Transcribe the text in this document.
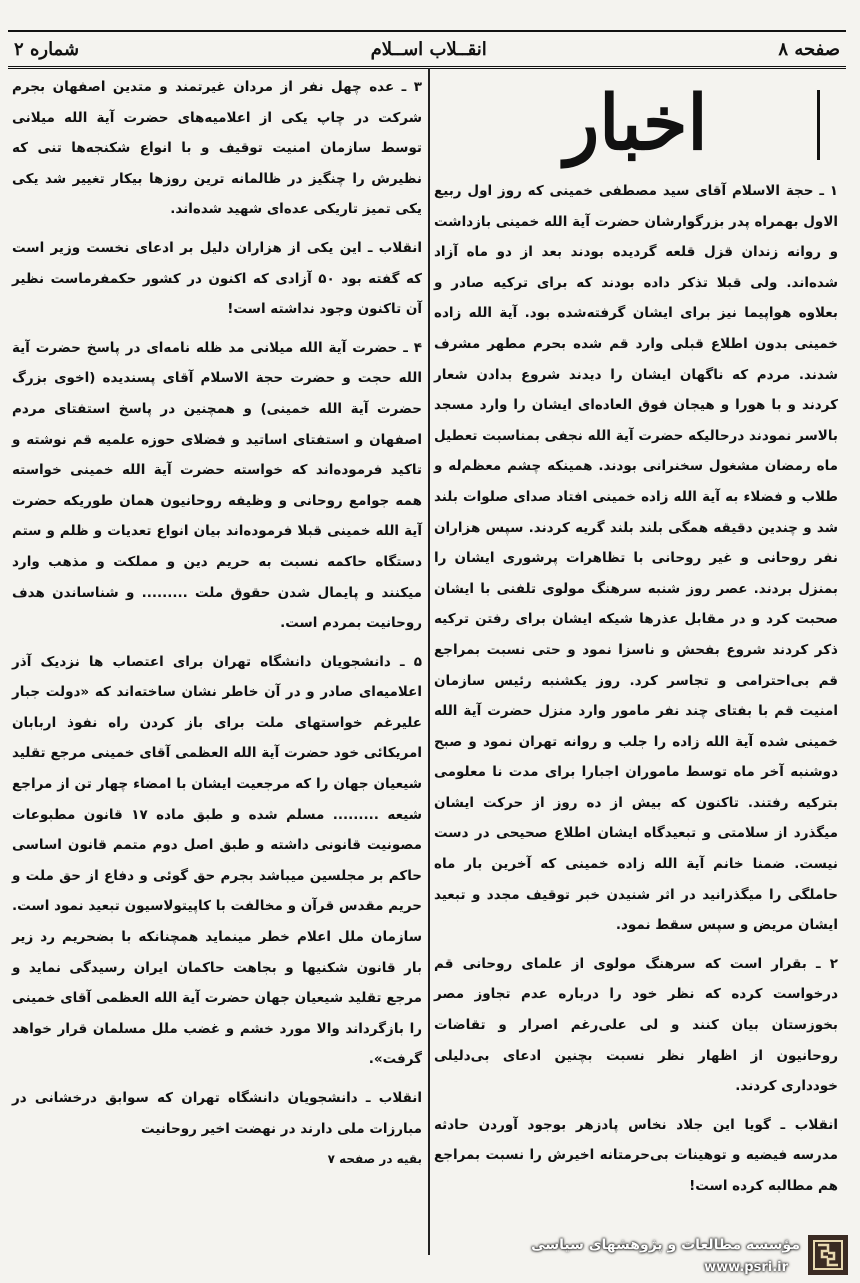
صفحه ۸
انقــلاب اســلام
شماره ۲
اخبار

۱ ـ حجة الاسلام آقای سید مصطفی خمینی که روز اول ربیع الاول بهمراه پدر بزرگوارشان حضرت آیة الله خمینی بازداشت و روانه زندان قزل قلعه گردیده بودند بعد از دو ماه آزاد شده‌اند. ولی قبلا تذکر داده بودند که برای ترکیه صادر و بعلاوه هواپیما نیز برای ایشان گرفته‌شده بود. آیة الله زاده خمینی بدون اطلاع قبلی وارد قم شده بحرم مطهر مشرف شدند. مردم که ناگهان ایشان را دیدند شروع بدادن شعار کردند و با هورا و هیجان فوق العاده‌ای ایشان را وارد مسجد بالاسر نمودند درحالیکه حضرت آیة الله نجفی بمناسبت تعطیل ماه رمضان مشغول سخنرانی بودند. همینکه چشم معظم‌له و طلاب و فضلاء به آیة الله زاده خمینی افتاد صدای صلوات بلند شد و چندین دقیقه همگی بلند بلند گریه کردند. سپس هزاران نفر روحانی و غیر روحانی با تظاهرات پرشوری ایشان را بمنزل بردند. عصر روز شنبه سرهنگ مولوی تلفنی با ایشان صحبت کرد و در مقابل عذرها شیکه ایشان برای رفتن ترکیه ذکر کردند شروع بفحش و ناسزا نمود و حتی نسبت بمراجع قم بی‌احترامی و تجاسر کرد. روز یکشنبه رئیس سازمان امنیت قم با بفتای چند نفر مامور وارد منزل حضرت آیة الله خمینی شده آیة الله زاده را جلب و روانه تهران نمود و صبح دوشنبه آخر ماه توسط ماموران اجبارا برای مدت نا معلومی بترکیه رفتند. تاکنون که بیش از ده روز از حرکت ایشان میگذرد از سلامتی و تبعیدگاه ایشان اطلاع صحیحی در دست نیست. ضمنا خانم آیة الله زاده خمینی که آخرین بار ماه حاملگی را میگذرانید در اثر شنیدن خبر توقیف مجدد و تبعید ایشان مریض و سپس سقط نمود.

۲ ـ بقرار است که سرهنگ مولوی از علمای روحانی قم درخواست کرده که نظر خود را درباره عدم تجاوز مصر بخوزستان بیان کنند و لی علی‌رغم اصرار و تقاضات روحانیون از اظهار نظر نسبت بچنین ادعای بی‌دلیلی خودداری کردند.

انقلاب ـ گویا این جلاد نخاس پادزهر بوجود آوردن حادثه مدرسه فیضیه و توهینات بی‌حرمتانه اخیرش را نسبت بمراجع هم مطالبه کرده است!

۳ ـ عده چهل نفر از مردان غیرتمند و متدین اصفهان بجرم شرکت در چاپ یکی از اعلامیه‌های حضرت آیة الله میلانی توسط سازمان امنیت توقیف و با انواع شکنجه‌ها تنی که نظیرش را چنگیز در ظالمانه ترین روزها بیکار تغییر شد یکی یکی تمیز تاریکی عده‌ای شهید شده‌اند.

انقلاب ـ این یکی از هزاران دلیل بر ادعای نخست وزیر است که گفته بود ۵۰ آزادی که اکنون در کشور حکمفرماست نظیر آن تاکنون وجود نداشته است!

۴ ـ حضرت آیة الله میلانی مد ظله نامه‌ای در پاسخ حضرت آیة الله حجت و حضرت حجة الاسلام آقای پسندیده (اخوی بزرگ حضرت آیة الله خمینی) و همچنین در پاسخ استفتای مردم اصفهان و استفتای اساتید و فضلای حوزه علمیه قم نوشته و تاکید فرموده‌اند که خواسته حضرت آیة الله خمینی خواسته همه جوامع روحانی و وظیفه روحانیون همان طوریکه حضرت آیة الله خمینی قبلا فرموده‌اند بیان انواع تعدیات و ظلم و ستم دستگاه حاکمه نسبت به حریم دین و مملکت و مذهب وارد میکنند و پایمال شدن حقوق ملت ......... و شناساندن هدف روحانیت بمردم است.

۵ ـ دانشجویان دانشگاه تهران برای اعتصاب ها نزدیک آذر اعلامیه‌ای صادر و در آن خاطر نشان ساخته‌اند که «دولت جبار علیرغم خواستهای ملت برای باز کردن راه نفوذ اربابان امریکائی خود حضرت آیة الله العظمی آقای خمینی مرجع تقلید شیعیان جهان را که مرجعیت ایشان با امضاء چهار تن از مراجع شیعه ......... مسلم شده و طبق ماده ۱۷ قانون مطبوعات مصونیت قانونی داشته و طبق اصل دوم متمم قانون اساسی حاکم بر مجلسین میباشد بجرم حق گوئی و دفاع از حق ملت و حریم مقدس قرآن و مخالفت با کاپیتولاسیون تبعید نمود است. سازمان ملل اعلام خطر مینماید همچنانکه با بضحریم رد زیر بار قانون شکنیها و بجاهت حاکمان ایران رسیدگی نماید و مرجع تقلید شیعیان جهان حضرت آیة الله العظمی آقای خمینی را بازگرداند والا مورد خشم و غضب ملل مسلمان قرار خواهد گرفت».

انقلاب ـ دانشجویان دانشگاه تهران که سوابق درخشانی در مبارزات ملی دارند در نهضت اخیر روحانیت

بقیه در صفحه ۷
مؤسسه مطالعات و پژوهشهای سیاسی
www.psri.ir
